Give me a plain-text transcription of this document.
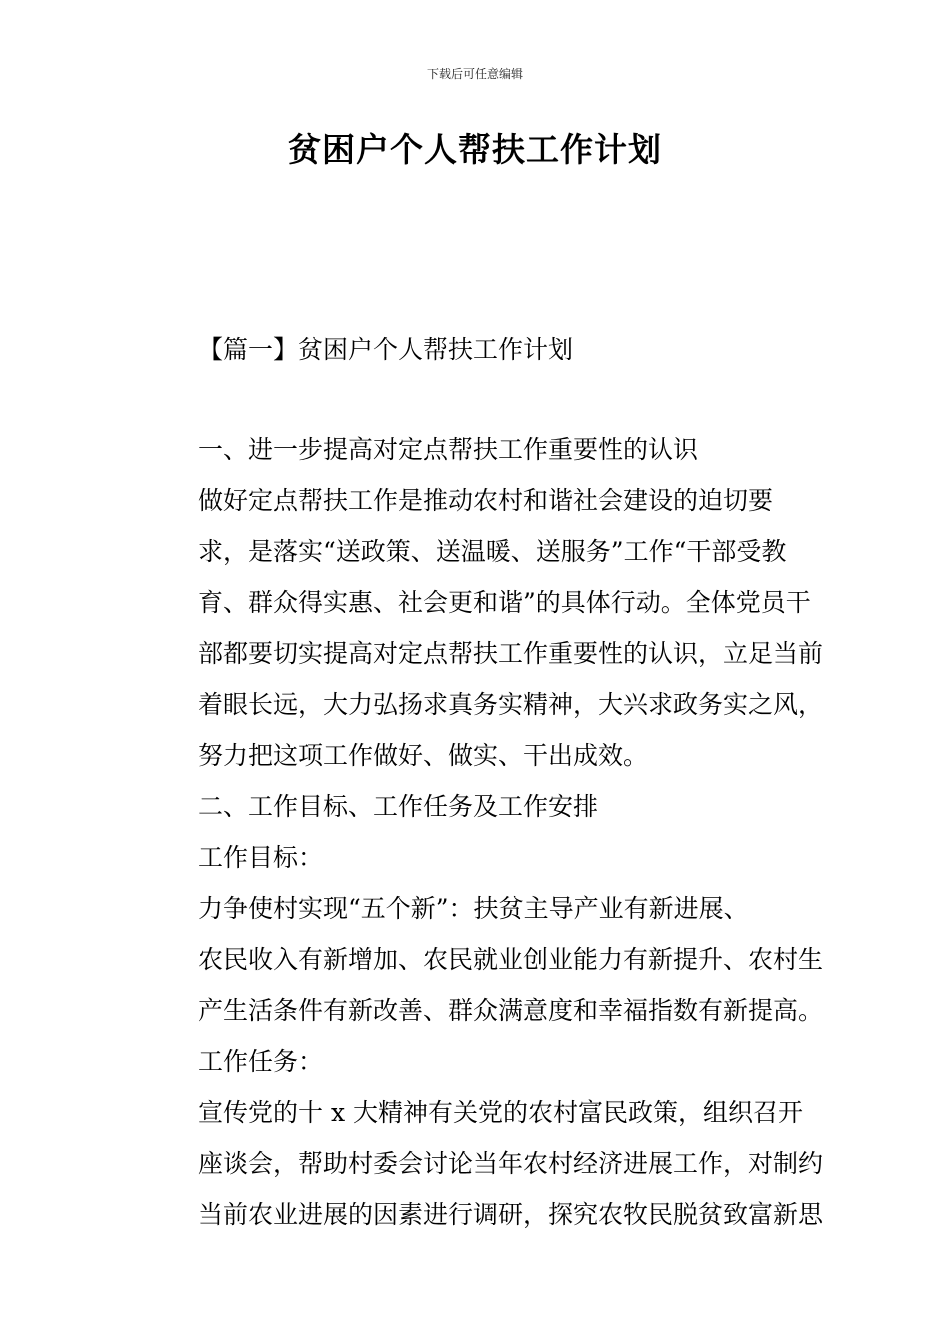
下载后可任意编辑
贫困户个人帮扶工作计划
【篇一】贫困户个人帮扶工作计划

一、进一步提高对定点帮扶工作重要性的认识

做好定点帮扶工作是推动农村和谐社会建设的迫切要
求，是落实“送政策、送温暖、送服务”工作“干部受教
育、群众得实惠、社会更和谐”的具体行动。全体党员干
部都要切实提高对定点帮扶工作重要性的认识，立足当前
着眼长远，大力弘扬求真务实精神，大兴求政务实之风，
努力把这项工作做好、做实、干出成效。

二、工作目标、工作任务及工作安排

工作目标：

力争使村实现“五个新”：扶贫主导产业有新进展、
农民收入有新增加、农民就业创业能力有新提升、农村生
产生活条件有新改善、群众满意度和幸福指数有新提高。

工作任务：

宣传党的十 x 大精神有关党的农村富民政策，组织召开
座谈会，帮助村委会讨论当年农村经济进展工作，对制约
当前农业进展的因素进行调研，探究农牧民脱贫致富新思
